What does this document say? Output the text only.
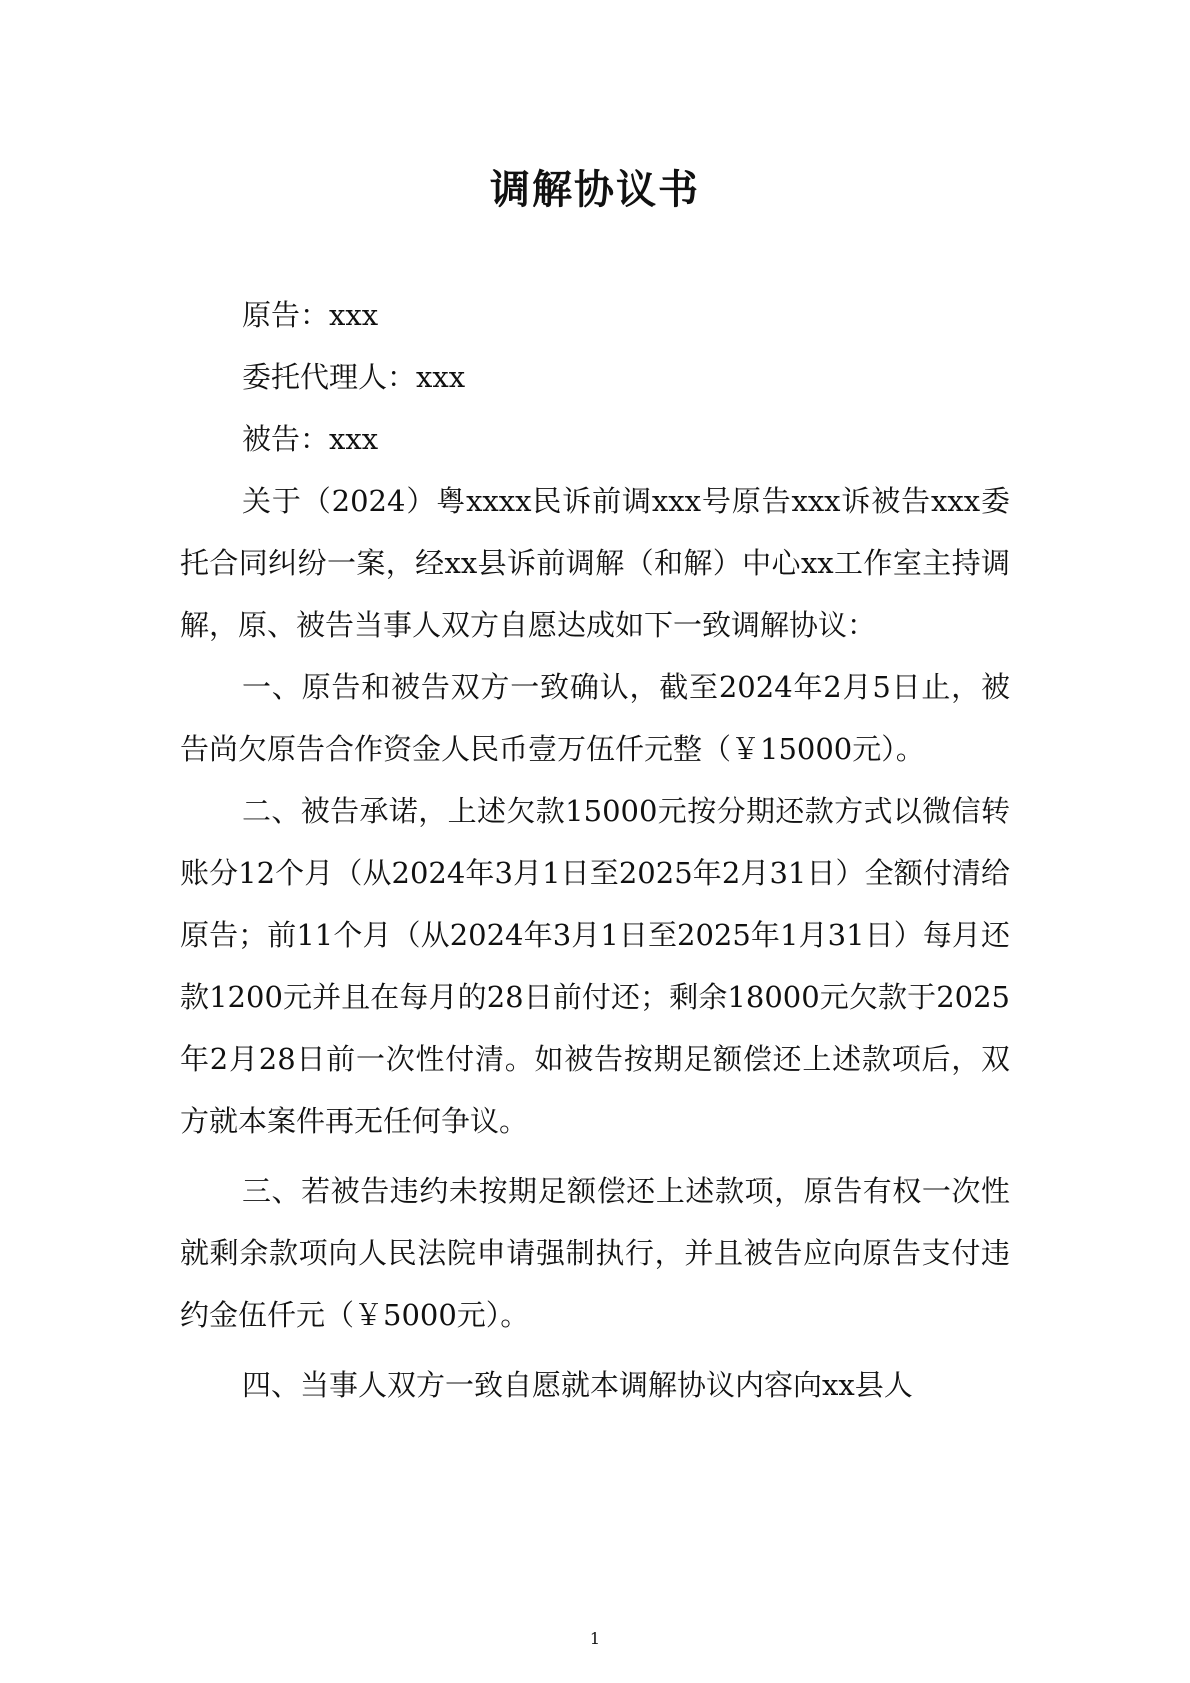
调解协议书

原告：xxx

委托代理人：xxx

被告：xxx

关于（2024）粤xxxx民诉前调xxx号原告xxx诉被告xxx委托合同纠纷一案，经xx县诉前调解（和解）中心xx工作室主持调解，原、被告当事人双方自愿达成如下一致调解协议：

一、原告和被告双方一致确认，截至2024年2月5日止，被告尚欠原告合作资金人民币壹万伍仟元整（￥15000元）。

二、被告承诺，上述欠款15000元按分期还款方式以微信转账分12个月（从2024年3月1日至2025年2月31日）全额付清给原告；前11个月（从2024年3月1日至2025年1月31日）每月还款1200元并且在每月的28日前付还；剩余18000元欠款于2025年2月28日前一次性付清。如被告按期足额偿还上述款项后，双方就本案件再无任何争议。

三、若被告违约未按期足额偿还上述款项，原告有权一次性就剩余款项向人民法院申请强制执行，并且被告应向原告支付违约金伍仟元（￥5000元）。

四、当事人双方一致自愿就本调解协议内容向xx县人

1
